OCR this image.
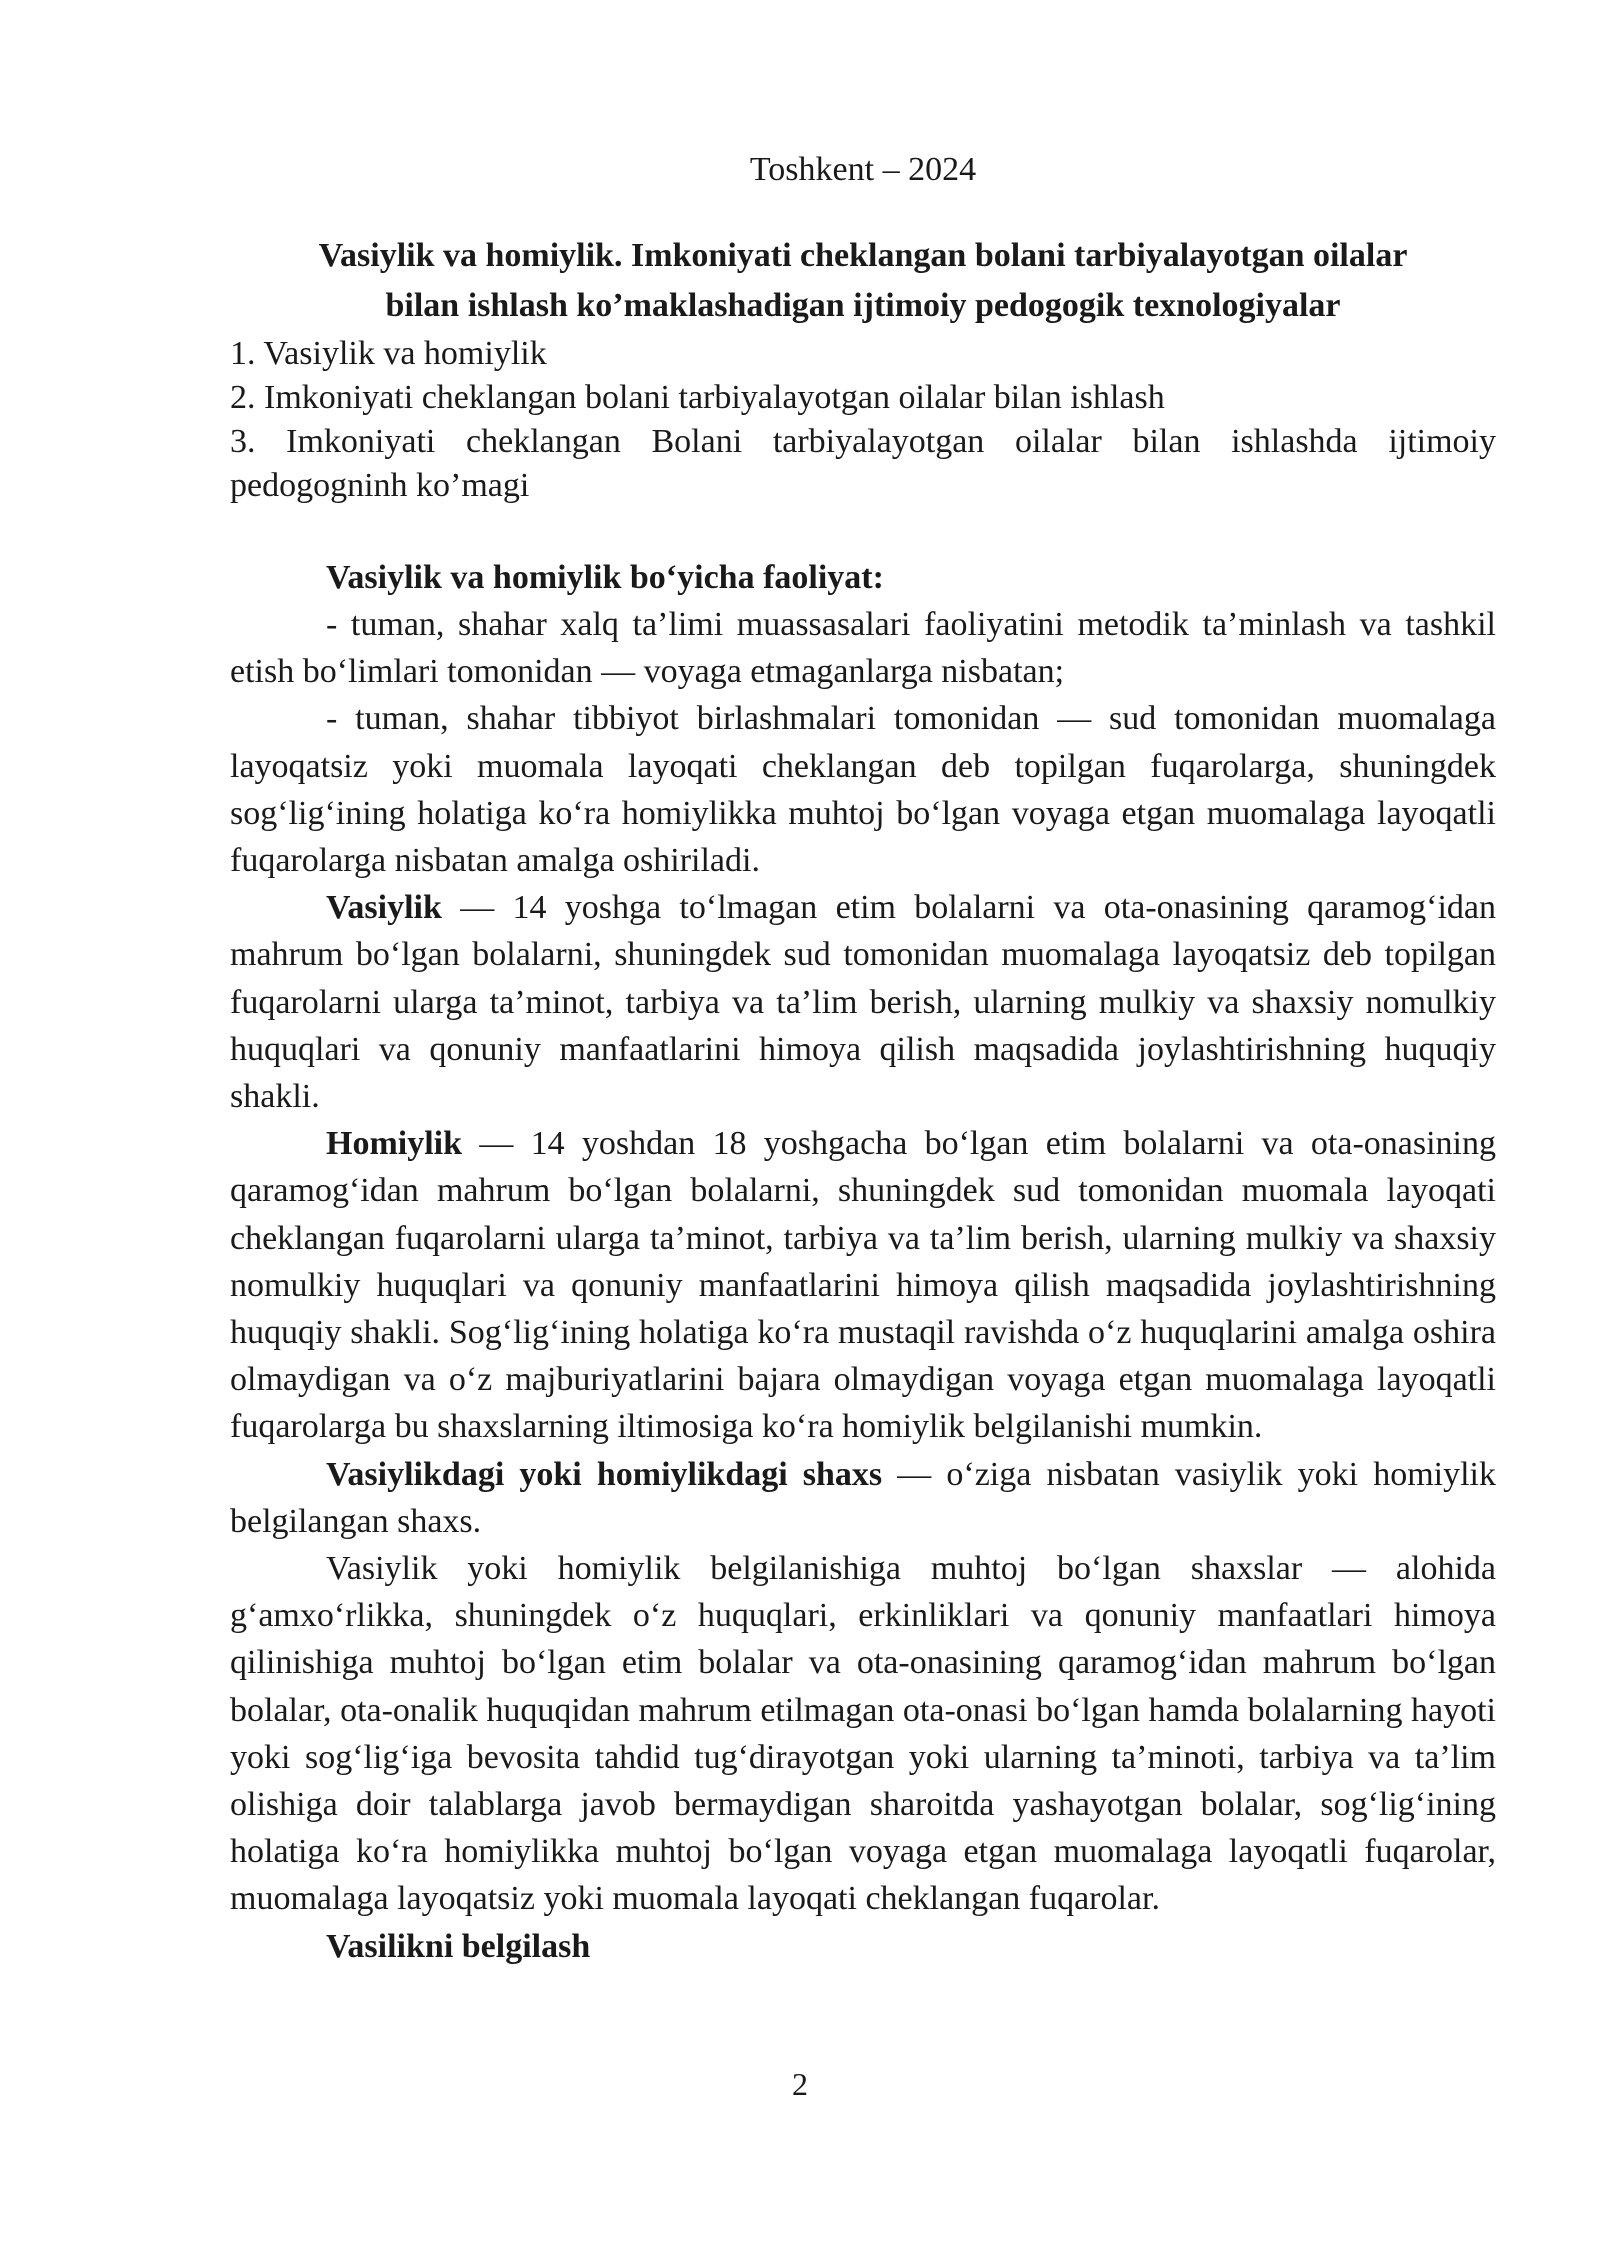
Toshkent – 2024

Vasiylik va homiylik. Imkoniyati cheklangan bolani tarbiyalayotgan oilalar

bilan ishlash ko’maklashadigan ijtimoiy pedogogik texnologiyalar

1. Vasiylik va homiylik

2. Imkoniyati cheklangan bolani tarbiyalayotgan oilalar bilan ishlash

3. Imkoniyati cheklangan Bolani tarbiyalayotgan oilalar bilan ishlashda ijtimoiy pedogogninh ko’magi

Vasiylik va homiylik bo‘yicha faoliyat:

- tuman, shahar xalq ta’limi muassasalari faoliyatini metodik ta’minlash va tashkil etish bo‘limlari tomonidan — voyaga etmaganlarga nisbatan;

- tuman, shahar tibbiyot birlashmalari tomonidan — sud tomonidan muomalaga layoqatsiz yoki muomala layoqati cheklangan deb topilgan fuqarolarga, shuningdek sog‘lig‘ining holatiga ko‘ra homiylikka muhtoj bo‘lgan voyaga etgan muomalaga layoqatli fuqarolarga nisbatan amalga oshiriladi.

Vasiylik — 14 yoshga to‘lmagan etim bolalarni va ota-onasining qaramog‘idan mahrum bo‘lgan bolalarni, shuningdek sud tomonidan muomalaga layoqatsiz deb topilgan fuqarolarni ularga ta’minot, tarbiya va ta’lim berish, ularning mulkiy va shaxsiy nomulkiy huquqlari va qonuniy manfaatlarini himoya qilish maqsadida joylashtirishning huquqiy shakli.

Homiylik — 14 yoshdan 18 yoshgacha bo‘lgan etim bolalarni va ota-onasining qaramog‘idan mahrum bo‘lgan bolalarni, shuningdek sud tomonidan muomala layoqati cheklangan fuqarolarni ularga ta’minot, tarbiya va ta’lim berish, ularning mulkiy va shaxsiy nomulkiy huquqlari va qonuniy manfaatlarini himoya qilish maqsadida joylashtirishning huquqiy shakli. Sog‘lig‘ining holatiga ko‘ra mustaqil ravishda o‘z huquqlarini amalga oshira olmaydigan va o‘z majburiyatlarini bajara olmaydigan voyaga etgan muomalaga layoqatli fuqarolarga bu shaxslarning iltimosiga ko‘ra homiylik belgilanishi mumkin.

Vasiylikdagi yoki homiylikdagi shaxs — o‘ziga nisbatan vasiylik yoki homiylik belgilangan shaxs.

Vasiylik yoki homiylik belgilanishiga muhtoj bo‘lgan shaxslar — alohida g‘amxo‘rlikka, shuningdek o‘z huquqlari, erkinliklari va qonuniy manfaatlari himoya qilinishiga muhtoj bo‘lgan etim bolalar va ota-onasining qaramog‘idan mahrum bo‘lgan bolalar, ota-onalik huquqidan mahrum etilmagan ota-onasi bo‘lgan hamda bolalarning hayoti yoki sog‘lig‘iga bevosita tahdid tug‘dirayotgan yoki ularning ta’minoti, tarbiya va ta’lim olishiga doir talablarga javob bermaydigan sharoitda yashayotgan bolalar, sog‘lig‘ining holatiga ko‘ra homiylikka muhtoj bo‘lgan voyaga etgan muomalaga layoqatli fuqarolar, muomalaga layoqatsiz yoki muomala layoqati cheklangan fuqarolar.

Vasilikni belgilash

2
